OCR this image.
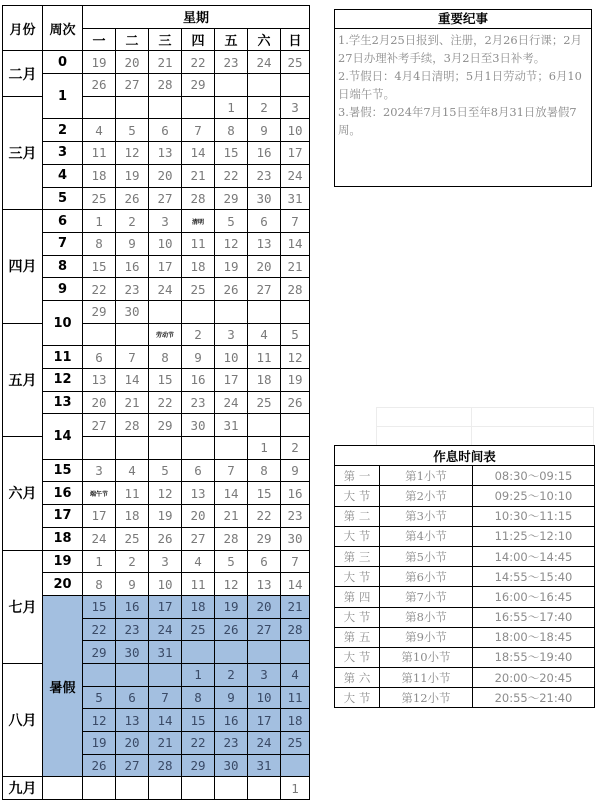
月份	周次	星期						
		一	二	三	四	五	六	日
二月	0	19	20	21	22	23	24	25
	1	26	27	28	29			
三月						1	2	3
	2	4	5	6	7	8	9	10
	3	11	12	13	14	15	16	17
	4	18	19	20	21	22	23	24
	5	25	26	27	28	29	30	31
四月	6	1	2	3	清明	5	6	7
	7	8	9	10	11	12	13	14
	8	15	16	17	18	19	20	21
	9	22	23	24	25	26	27	28
	10	29	30					
五月				劳动节	2	3	4	5
	11	6	7	8	9	10	11	12
	12	13	14	15	16	17	18	19
	13	20	21	22	23	24	25	26
	14	27	28	29	30	31		
六月							1	2
	15	3	4	5	6	7	8	9
	16	端午节	11	12	13	14	15	16
	17	17	18	19	20	21	22	23
	18	24	25	26	27	28	29	30
七月	19	1	2	3	4	5	6	7
	20	8	9	10	11	12	13	14
	暑假	15	16	17	18	19	20	21
		22	23	24	25	26	27	28
		29	30	31				
八月					1	2	3	4
		5	6	7	8	9	10	11
		12	13	14	15	16	17	18
		19	20	21	22	23	24	25
		26	27	28	29	30	31	
九月								1
重要纪事

1.学生2月25日报到、注册，2月26日行课；2月27日办理补考手续，3月2日至3日补考。

2.节假日：4月4日清明；5月1日劳动节；6月10日端午节。

3.暑假：2024年7月15日至年8月31日放暑假7周。

作息时间表		
第 一	第1小节	08:30～09:15
大 节	第2小节	09:25～10:10
第 二	第3小节	10:30～11:15
大 节	第4小节	11:25～12:10
第 三	第5小节	14:00～14:45
大 节	第6小节	14:55～15:40
第 四	第7小节	16:00～16:45
大 节	第8小节	16:55～17:40
第 五	第9小节	18:00～18:45
大 节	第10小节	18:55～19:40
第 六	第11小节	20:00～20:45
大 节	第12小节	20:55～21:40
